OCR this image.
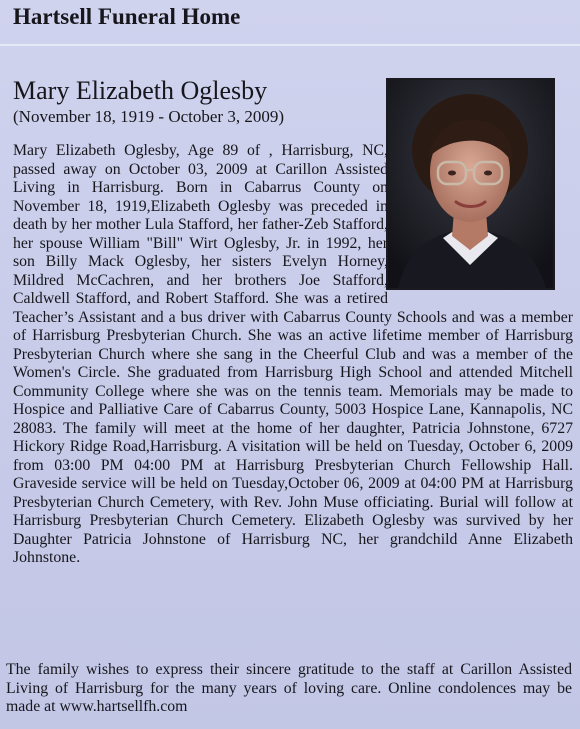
Hartsell Funeral Home
Mary Elizabeth Oglesby
(November 18, 1919 - October 3, 2009)
Mary Elizabeth Oglesby, Age 89 of , Harrisburg, NC, passed away on October 03, 2009 at Carillon Assisted Living in Harrisburg. Born in Cabarrus County on November 18, 1919,Elizabeth Oglesby was preceded in death by her mother Lula Stafford, her father-Zeb Stafford, her spouse William "Bill" Wirt Oglesby, Jr. in 1992, her son Billy Mack Oglesby, her sisters Evelyn Horney, Mildred McCachren, and her brothers Joe Stafford, Caldwell Stafford, and Robert Stafford. She was a retired Teacher’s Assistant and a bus driver with Cabarrus County Schools and was a member of Harrisburg Presbyterian Church. She was an active lifetime member of Harrisburg Presbyterian Church where she sang in the Cheerful Club and was a member of the Women's Circle. She graduated from Harrisburg High School and attended Mitchell Community College where she was on the tennis team. Memorials may be made to Hospice and Palliative Care of Cabarrus County, 5003 Hospice Lane, Kannapolis, NC 28083. The family will meet at the home of her daughter, Patricia Johnstone, 6727 Hickory Ridge Road,Harrisburg. A visitation will be held on Tuesday, October 6, 2009 from 03:00 PM 04:00 PM at Harrisburg Presbyterian Church Fellowship Hall. Graveside service will be held on Tuesday,October 06, 2009 at 04:00 PM at Harrisburg Presbyterian Church Cemetery, with Rev. John Muse officiating. Burial will follow at Harrisburg Presbyterian Church Cemetery. Elizabeth Oglesby was survived by her Daughter Patricia Johnstone of Harrisburg NC, her grandchild Anne Elizabeth Johnstone.
The family wishes to express their sincere gratitude to the staff at Carillon Assisted Living of Harrisburg for the many years of loving care. Online condolences may be made at www.hartsellfh.com
